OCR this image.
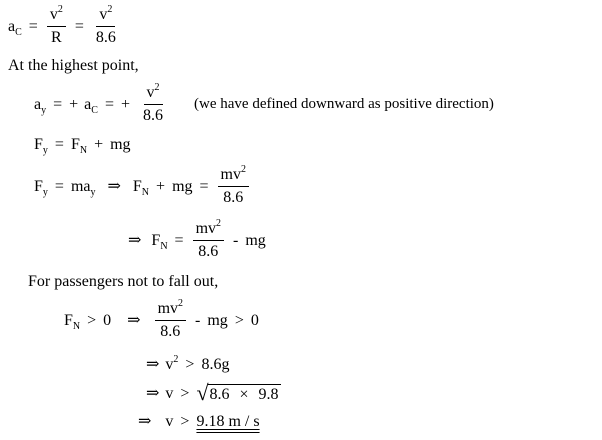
$a_C = \frac{v^2}{R} = \frac{v^2}{8.6}$
At the highest point,
$a_y$ = + $a_C$ = + $\frac{v^2}{8.6} (we$ have defined downward as positive direction)
$F_y = F_N$ + mg
$F_y = ma_y$ ⇒ $F_N$ + mg = $\frac{mv^2}{8.6}$
⇒ $F_N = \frac{mv^2}{8.6}$ - mg
For passengers not to fall out,
$F_N > 0$ ⇒ $\frac{mv^2}{8.6}$ - mg > 0
⇒ $v^2 > 8.6g$
⇒ v > √ 8.6 × 9.8
⇒ v > 9.18 m / s
